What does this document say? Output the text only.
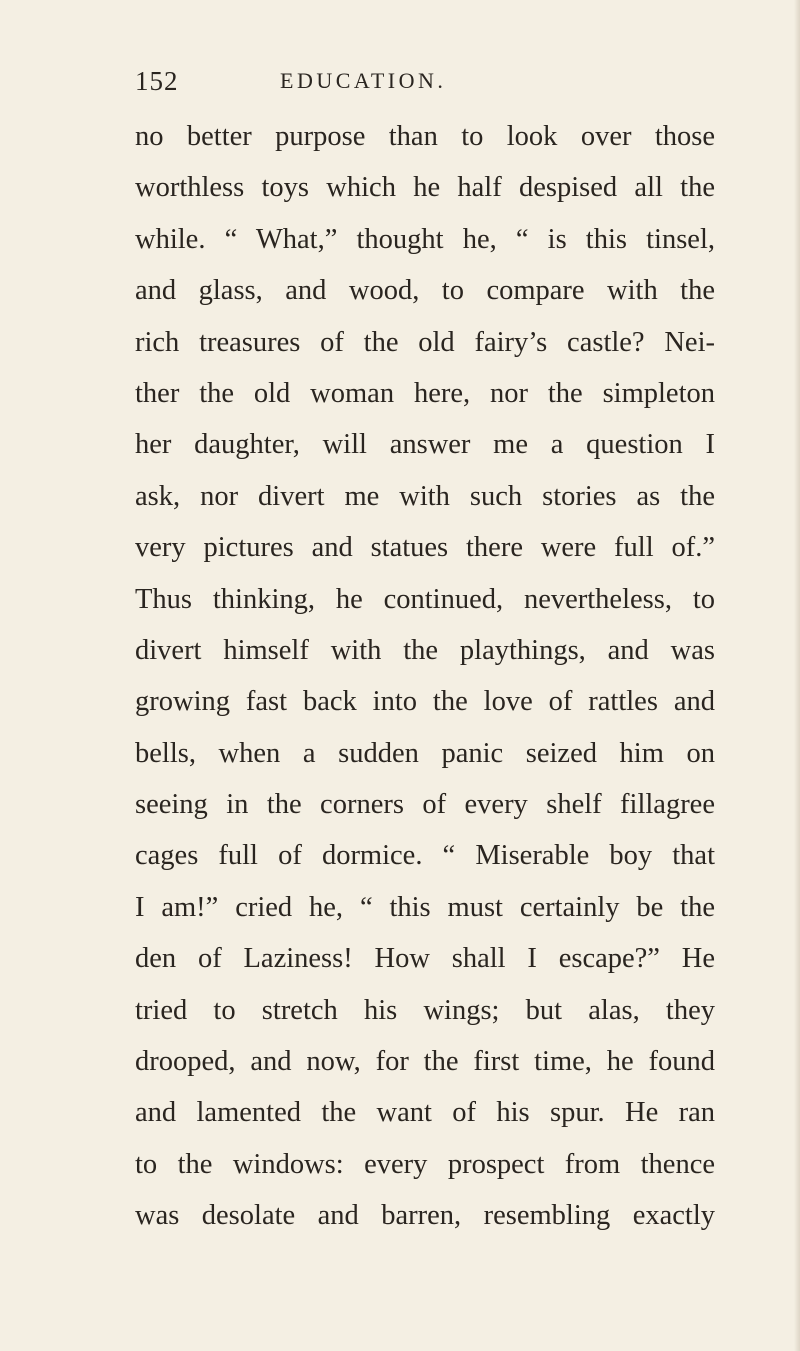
152	EDUCATION.
no better purpose than to look over those
worthless toys which he half despised all the
while. “ What,” thought he, “ is this tinsel,
and glass, and wood, to compare with the
rich treasures of the old fairy’s castle? Nei-
ther the old woman here, nor the simpleton
her daughter, will answer me a question I
ask, nor divert me with such stories as the
very pictures and statues there were full of.”
Thus thinking, he continued, nevertheless, to
divert himself with the playthings, and was
growing fast back into the love of rattles and
bells, when a sudden panic seized him on
seeing in the corners of every shelf fillagree
cages full of dormice. “ Miserable boy that
I am!” cried he, “ this must certainly be the
den of Laziness! How shall I escape?” He
tried to stretch his wings; but alas, they
drooped, and now, for the first time, he found
and lamented the want of his spur. He ran
to the windows: every prospect from thence
was desolate and barren, resembling exactly
